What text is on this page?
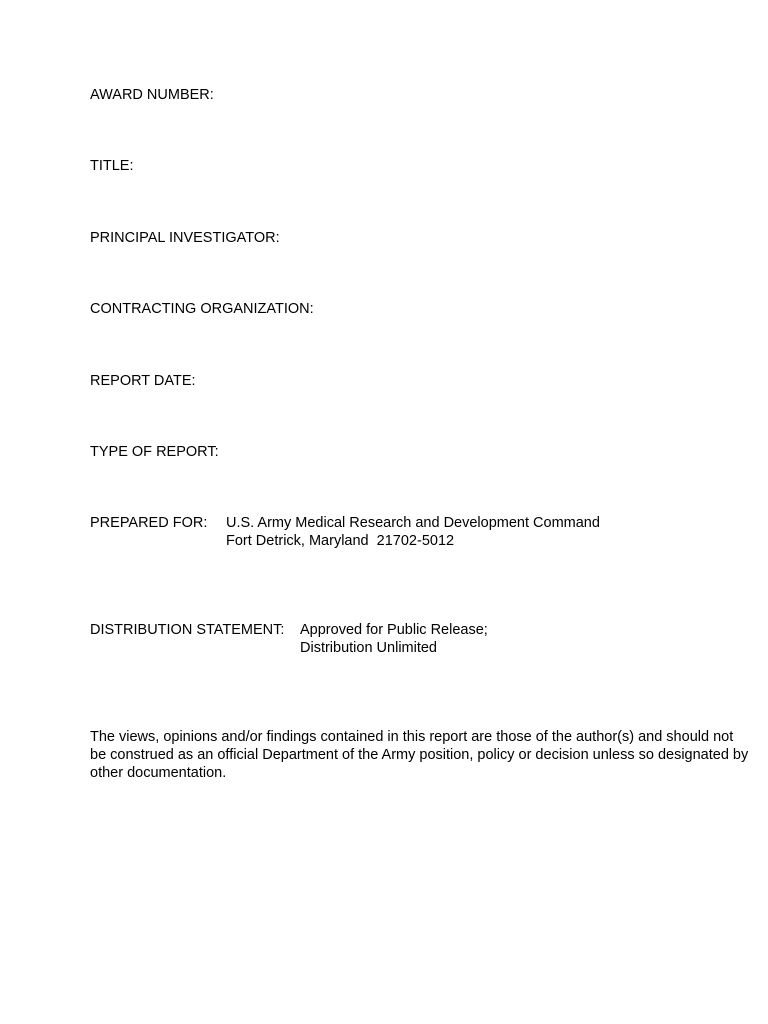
AWARD NUMBER:
TITLE:
PRINCIPAL INVESTIGATOR:
CONTRACTING ORGANIZATION:
REPORT DATE:
TYPE OF REPORT:
PREPARED FOR: U.S. Army Medical Research and Development Command
Fort Detrick, Maryland  21702-5012
DISTRIBUTION STATEMENT: Approved for Public Release;
Distribution Unlimited
The views, opinions and/or findings contained in this report are those of the author(s) and should not be construed as an official Department of the Army position, policy or decision unless so designated by other documentation.
